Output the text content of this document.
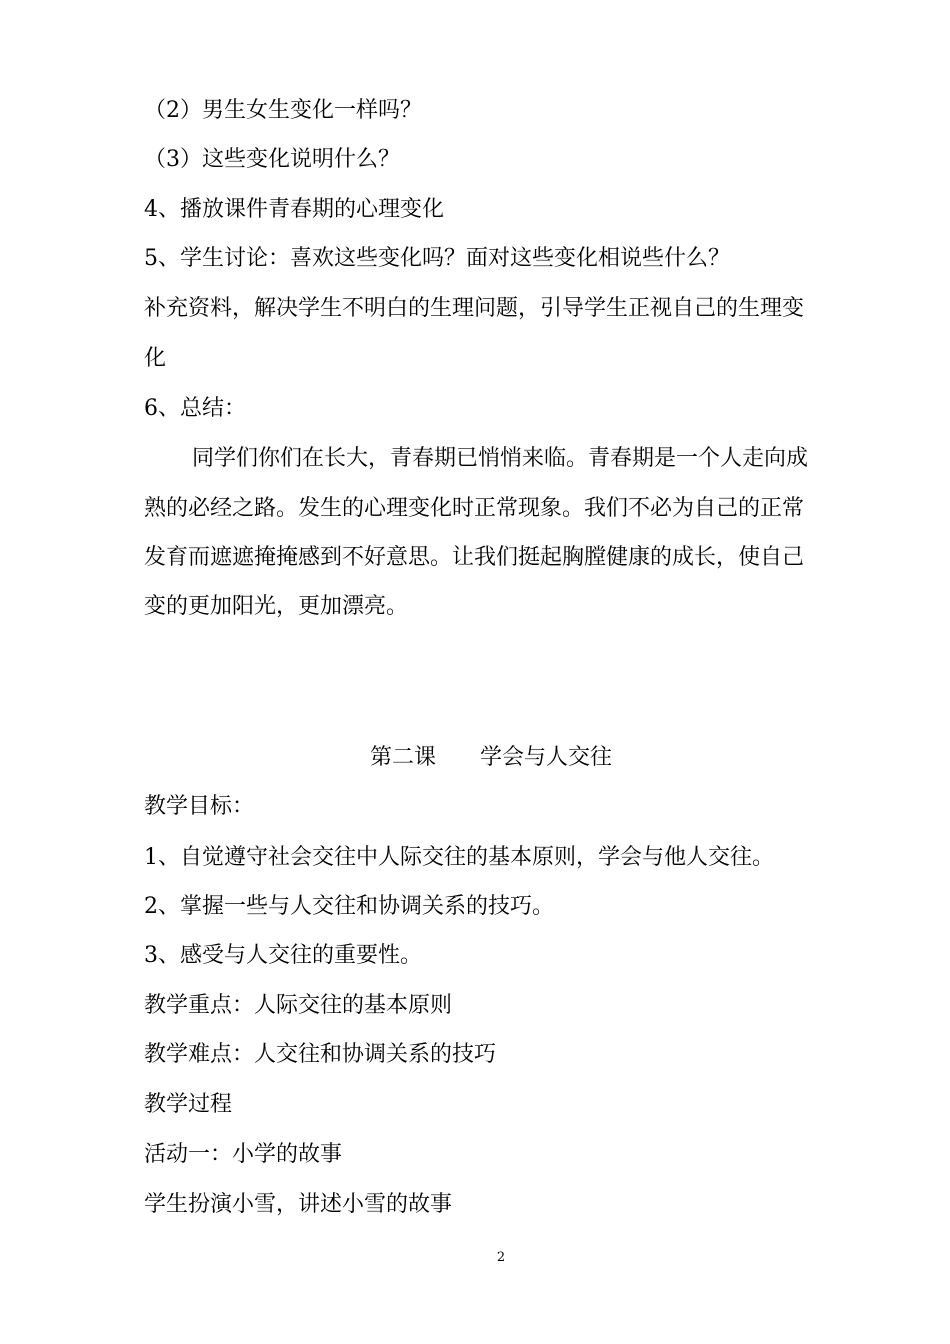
（2）男生女生变化一样吗？
（3）这些变化说明什么？
4、播放课件青春期的心理变化
5、学生讨论：喜欢这些变化吗？面对这些变化相说些什么？
补充资料，解决学生不明白的生理问题，引导学生正视自己的生理变
化
6、总结：
同学们你们在长大，青春期已悄悄来临。青春期是一个人走向成
熟的必经之路。发生的心理变化时正常现象。我们不必为自己的正常
发育而遮遮掩掩感到不好意思。让我们挺起胸膛健康的成长，使自己
变的更加阳光，更加漂亮。
第二课　　学会与人交往
教学目标：
1、自觉遵守社会交往中人际交往的基本原则，学会与他人交往。
2、掌握一些与人交往和协调关系的技巧。
3、感受与人交往的重要性。
教学重点：人际交往的基本原则
教学难点：人交往和协调关系的技巧
教学过程
活动一：小学的故事
学生扮演小雪，讲述小雪的故事
2
